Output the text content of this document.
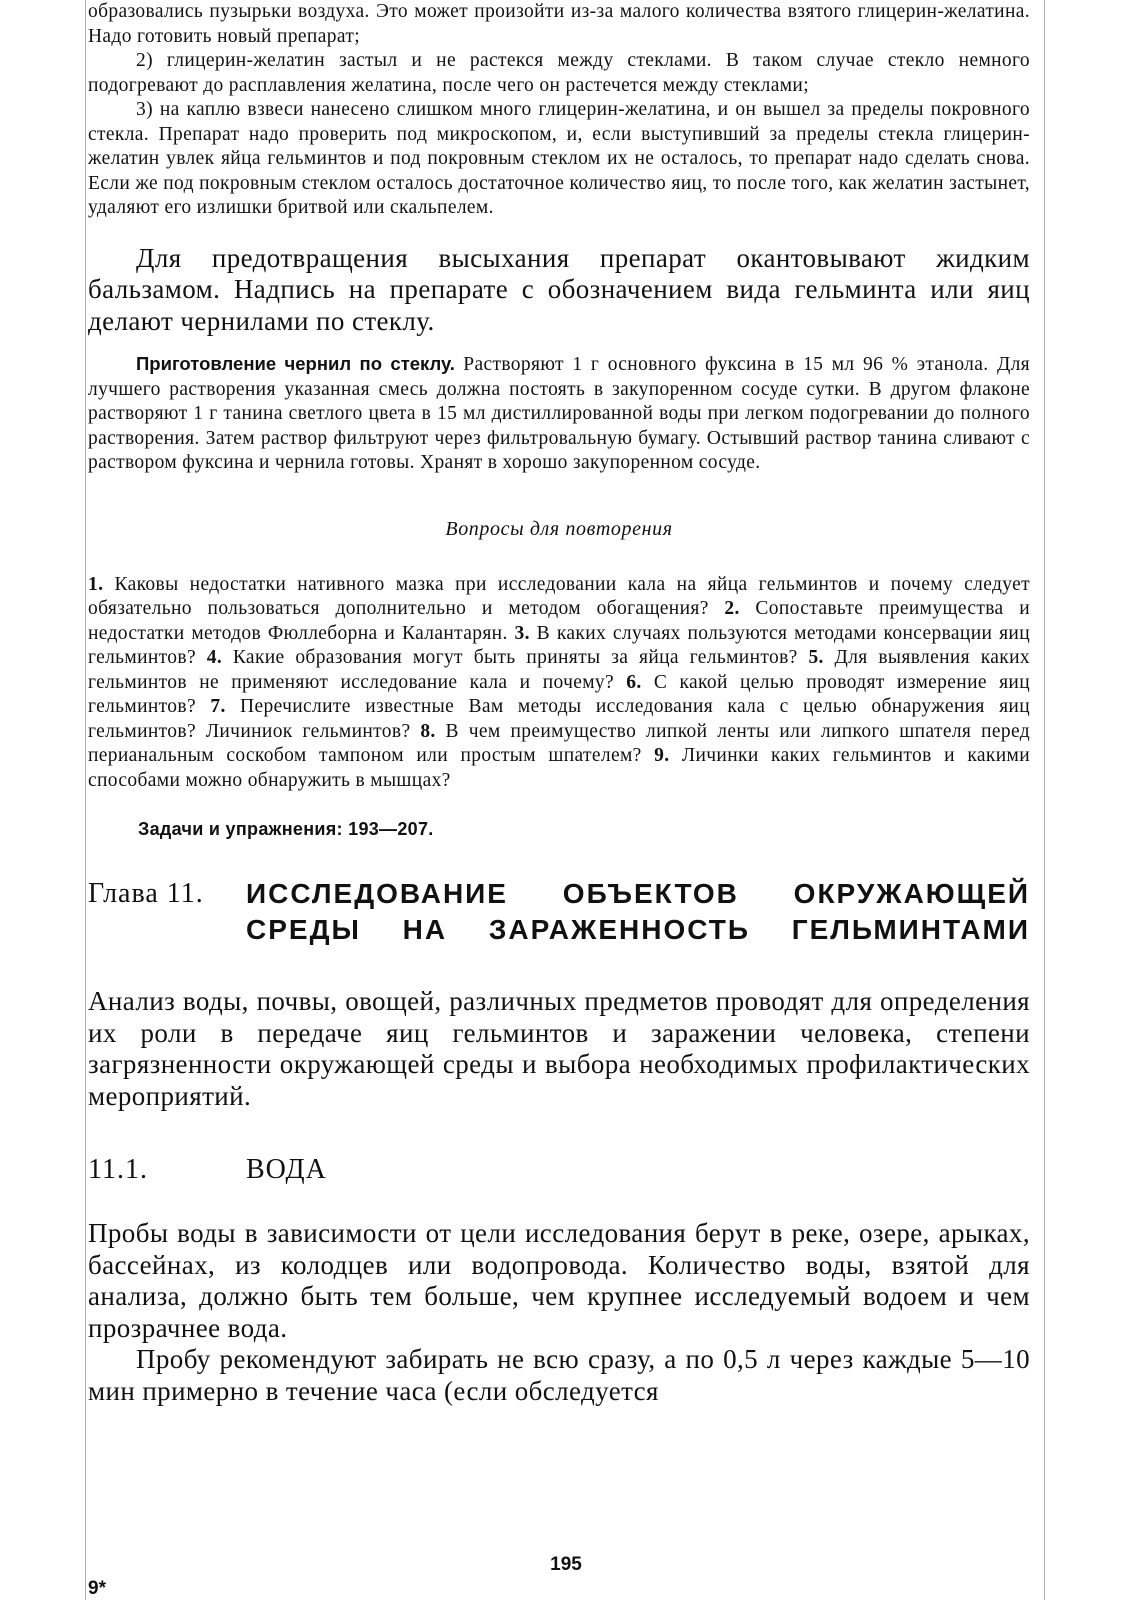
образовались пузырьки воздуха. Это может произойти из-за малого количества взятого глицерин-желатина. Надо готовить новый препарат;

2) глицерин-желатин застыл и не растекся между стеклами. В таком случае стекло немного подогревают до расплавления желатина, после чего он растечется между стеклами;

3) на каплю взвеси нанесено слишком много глицерин-желатина, и он вышел за пределы покровного стекла. Препарат надо проверить под микроскопом, и, если выступивший за пределы стекла глицерин-желатин увлек яйца гельминтов и под покровным стеклом их не осталось, то препарат надо сделать снова. Если же под покровным стеклом осталось достаточное количество яиц, то после того, как желатин застынет, удаляют его излишки бритвой или скальпелем.

Для предотвращения высыхания препарат окантовывают жидким бальзамом. Надпись на препарате с обозначением вида гельминта или яиц делают чернилами по стеклу.

Приготовление чернил по стеклу. Растворяют 1 г основного фуксина в 15 мл 96 % этанола. Для лучшего растворения указанная смесь должна постоять в закупоренном сосуде сутки. В другом флаконе растворяют 1 г танина светлого цвета в 15 мл дистиллированной воды при легком подогревании до полного растворения. Затем раствор фильтруют через фильтровальную бумагу. Остывший раствор танина сливают с раствором фуксина и чернила готовы. Хранят в хорошо закупоренном сосуде.

Вопросы для повторения

1. Каковы недостатки нативного мазка при исследовании кала на яйца гельминтов и почему следует обязательно пользоваться дополнительно и методом обогащения? 2. Сопоставьте преимущества и недостатки методов Фюллеборна и Калантарян. 3. В каких случаях пользуются методами консервации яиц гельминтов? 4. Какие образования могут быть приняты за яйца гельминтов? 5. Для выявления каких гельминтов не применяют исследование кала и почему? 6. С какой целью проводят измерение яиц гельминтов? 7. Перечислите известные Вам методы исследования кала с целью обнаружения яиц гельминтов? Личиниок гельминтов? 8. В чем преимущество липкой ленты или липкого шпателя перед перианальным соскобом тампоном или простым шпателем? 9. Личинки каких гельминтов и какими способами можно обнаружить в мышцах?

Задачи и упражнения: 193—207.
Глава 11.	ИССЛЕДОВАНИЕ ОБЪЕКТОВ ОКРУЖАЮЩЕЙ
СРЕДЫ НА ЗАРАЖЕННОСТЬ ГЕЛЬМИНТАМИ

Анализ воды, почвы, овощей, различных предметов проводят для определения их роли в передаче яиц гельминтов и заражении человека, степени загрязненности окружающей среды и выбора необходимых профилактических мероприятий.

11.1.	ВОДА

Пробы воды в зависимости от цели исследования берут в реке, озере, арыках, бассейнах, из колодцев или водопровода. Количество воды, взятой для анализа, должно быть тем больше, чем крупнее исследуемый водоем и чем прозрачнее вода.

Пробу рекомендуют забирать не всю сразу, а по 0,5 л через каждые 5—10 мин примерно в течение часа (если обследуется

195
9*
